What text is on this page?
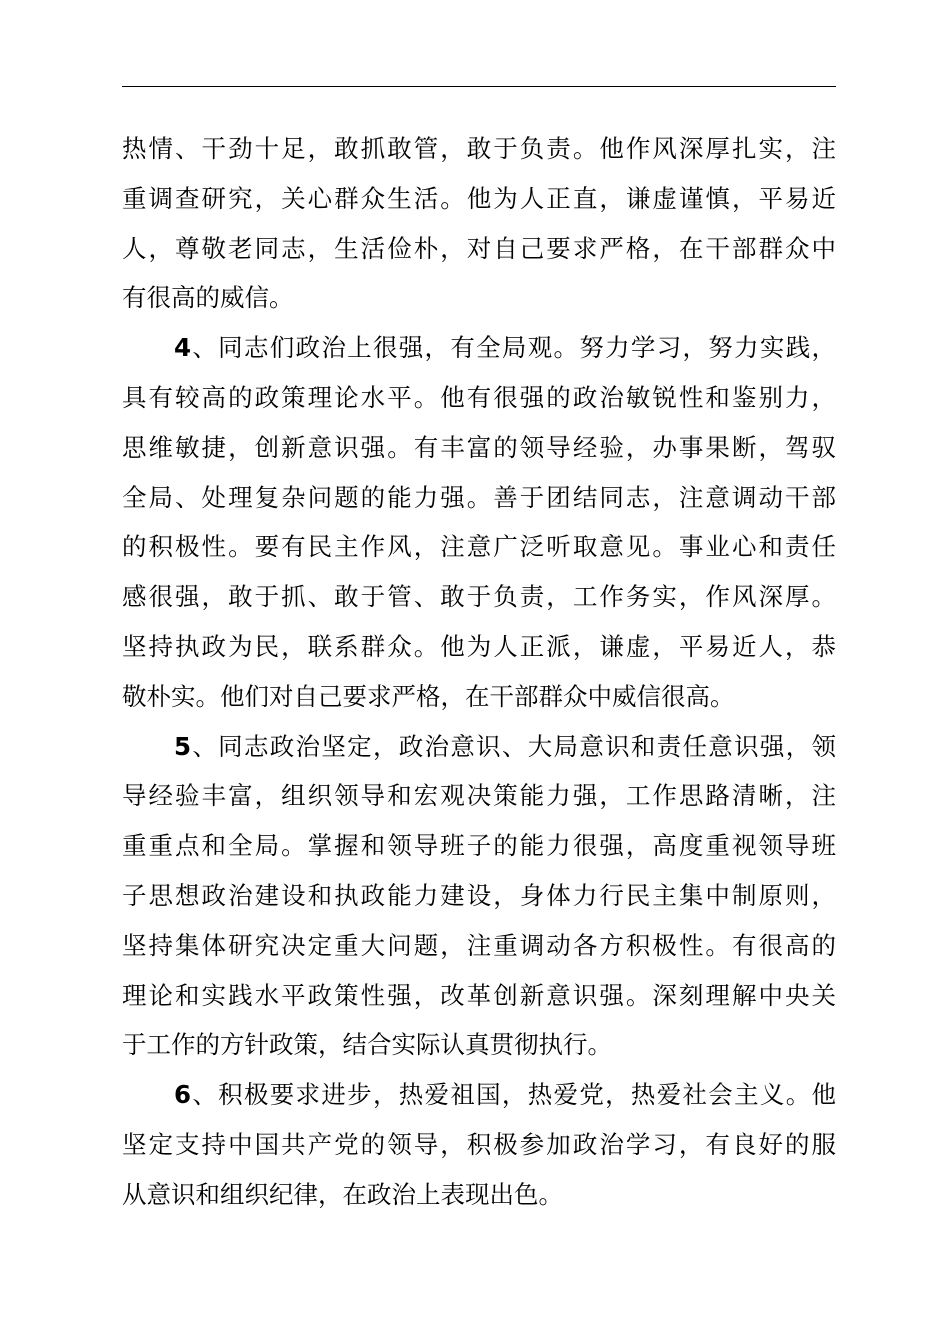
热情、干劲十足，敢抓敢管，敢于负责。他作风深厚扎实，注
重调查研究，关心群众生活。他为人正直，谦虚谨慎，平易近
人，尊敬老同志，生活俭朴，对自己要求严格，在干部群众中
有很高的威信。
4、同志们政治上很强，有全局观。努力学习，努力实践，
具有较高的政策理论水平。他有很强的政治敏锐性和鉴别力，
思维敏捷，创新意识强。有丰富的领导经验，办事果断，驾驭
全局、处理复杂问题的能力强。善于团结同志，注意调动干部
的积极性。要有民主作风，注意广泛听取意见。事业心和责任
感很强，敢于抓、敢于管、敢于负责，工作务实，作风深厚。
坚持执政为民，联系群众。他为人正派，谦虚，平易近人，恭
敬朴实。他们对自己要求严格，在干部群众中威信很高。
5、同志政治坚定，政治意识、大局意识和责任意识强，领
导经验丰富，组织领导和宏观决策能力强，工作思路清晰，注
重重点和全局。掌握和领导班子的能力很强，高度重视领导班
子思想政治建设和执政能力建设，身体力行民主集中制原则，
坚持集体研究决定重大问题，注重调动各方积极性。有很高的
理论和实践水平政策性强，改革创新意识强。深刻理解中央关
于工作的方针政策，结合实际认真贯彻执行。
6、积极要求进步，热爱祖国，热爱党，热爱社会主义。他
坚定支持中国共产党的领导，积极参加政治学习，有良好的服
从意识和组织纪律，在政治上表现出色。
